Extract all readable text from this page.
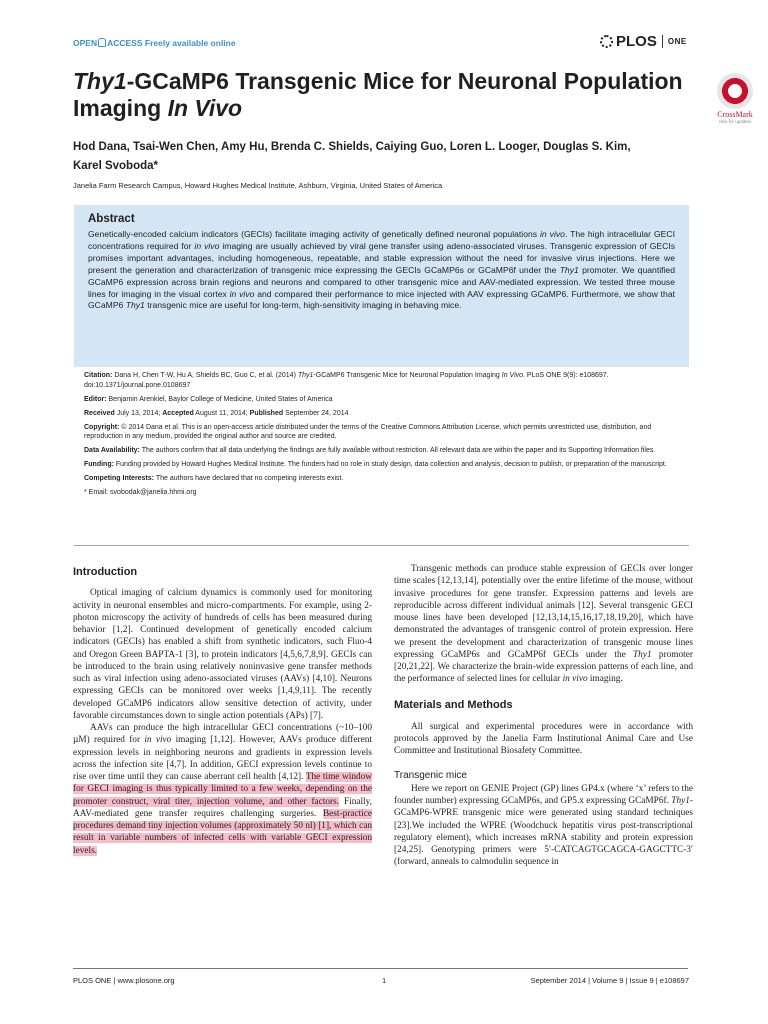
OPEN ACCESS Freely available online	PLOS ONE
Thy1-GCaMP6 Transgenic Mice for Neuronal Population
Imaging In Vivo	CrossMark
click for updates
Hod Dana, Tsai-Wen Chen, Amy Hu, Brenda C. Shields, Caiying Guo, Loren L. Looger, Douglas S. Kim,
Karel Svoboda*
Janelia Farm Research Campus, Howard Hughes Medical Institute, Ashburn, Virginia, United States of America
Abstract

Genetically-encoded calcium indicators (GECIs) facilitate imaging activity of genetically defined neuronal populations in vivo. The high intracellular GECI concentrations required for in vivo imaging are usually achieved by viral gene transfer using adeno-associated viruses. Transgenic expression of GECIs promises important advantages, including homogeneous, repeatable, and stable expression without the need for invasive virus injections. Here we present the generation and characterization of transgenic mice expressing the GECIs GCaMP6s or GCaMP6f under the Thy1 promoter. We quantified GCaMP6 expression across brain regions and neurons and compared to other transgenic mice and AAV-mediated expression. We tested three mouse lines for imaging in the visual cortex in vivo and compared their performance to mice injected with AAV expressing GCaMP6. Furthermore, we show that GCaMP6 Thy1 transgenic mice are useful for long-term, high-sensitivity imaging in behaving mice.

Citation: Dana H, Chen T-W, Hu A, Shields BC, Guo C, et al. (2014) Thy1-GCaMP6 Transgenic Mice for Neuronal Population Imaging In Vivo. PLoS ONE 9(9): e108697. doi:10.1371/journal.pone.0108697

Editor: Benjamin Arenkiel, Baylor College of Medicine, United States of America

Received July 13, 2014; Accepted August 11, 2014; Published September 24, 2014

Copyright: © 2014 Dana et al. This is an open-access article distributed under the terms of the Creative Commons Attribution License, which permits unrestricted use, distribution, and reproduction in any medium, provided the original author and source are credited.

Data Availability: The authors confirm that all data underlying the findings are fully available without restriction. All relevant data are within the paper and its Supporting Information files.

Funding: Funding provided by Howard Hughes Medical Institute. The funders had no role in study design, data collection and analysis, decision to publish, or preparation of the manuscript.

Competing Interests: The authors have declared that no competing interests exist.

* Email: svobodak@janelia.hhmi.org

Introduction

Optical imaging of calcium dynamics is commonly used for monitoring activity in neuronal ensembles and micro-compartments. For example, using 2-photon microscopy the activity of hundreds of cells has been measured during behavior [1,2]. Continued development of genetically encoded calcium indicators (GECIs) has enabled a shift from synthetic indicators, such Fluo-4 and Oregon Green BAPTA-1 [3], to protein indicators [4,5,6,7,8,9]. GECIs can be introduced to the brain using relatively noninvasive gene transfer methods such as viral infection using adeno-associated viruses (AAVs) [4,10]. Neurons expressing GECIs can be monitored over weeks [1,4,9,11]. The recently developed GCaMP6 indicators allow sensitive detection of activity, under favorable circumstances down to single action potentials (APs) [7].

AAVs can produce the high intracellular GECI concentrations (~10–100 µM) required for in vivo imaging [1,12]. However, AAVs produce different expression levels in neighboring neurons and gradients in expression levels across the infection site [4,7]. In addition, GECI expression levels continue to rise over time until they can cause aberrant cell health [4,12]. The time window for GECI imaging is thus typically limited to a few weeks, depending on the promoter construct, viral titer, injection volume, and other factors. Finally, AAV-mediated gene transfer requires challenging surgeries. Best-practice procedures demand tiny injection volumes (approximately 50 nl) [1], which can result in variable numbers of infected cells with variable GECI expression levels.

Transgenic methods can produce stable expression of GECIs over longer time scales [12,13,14], potentially over the entire lifetime of the mouse, without invasive procedures for gene transfer. Expression patterns and levels are reproducible across different individual animals [12]. Several transgenic GECI mouse lines have been developed [12,13,14,15,16,17,18,19,20], which have demonstrated the advantages of transgenic control of protein expression. Here we present the development and characterization of transgenic mouse lines expressing GCaMP6s and GCaMP6f GECIs under the Thy1 promoter [20,21,22]. We characterize the brain-wide expression patterns of each line, and the performance of selected lines for cellular in vivo imaging.

Materials and Methods

All surgical and experimental procedures were in accordance with protocols approved by the Janelia Farm Institutional Animal Care and Use Committee and Institutional Biosafety Committee.

Transgenic mice

Here we report on GENIE Project (GP) lines GP4.x (where ‘x’ refers to the founder number) expressing GCaMP6s, and GP5.x expressing GCaMP6f. Thy1-GCaMP6-WPRE transgenic mice were generated using standard techniques [23].We included the WPRE (Woodchuck hepatitis virus post-transcriptional regulatory element), which increases mRNA stability and protein expression [24,25]. Genotyping primers were 5′-CATCAGTGCAGCA-GAGCTTC-3′ (forward, anneals to calmodulin sequence in

PLOS ONE | www.plosone.org	1	September 2014 | Volume 9 | Issue 9 | e108697
